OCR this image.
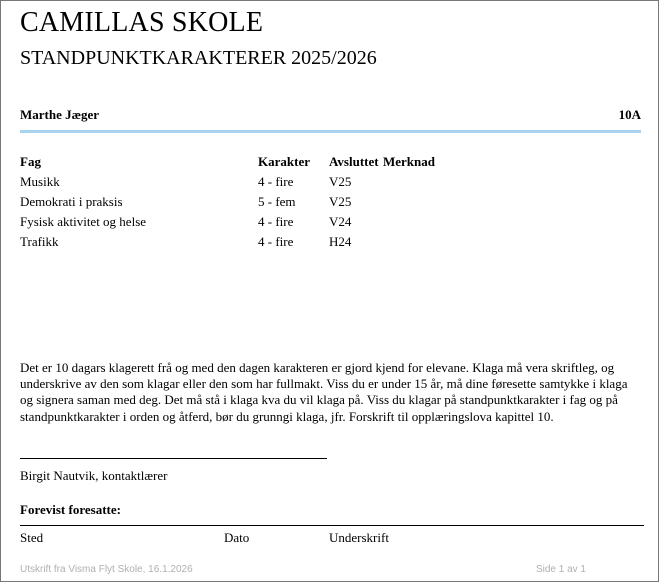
CAMILLAS SKOLE
STANDPUNKTKARAKTERER 2025/2026
Marthe Jæger	10A
Fag	Karakter Avsluttet Merknad
Musikk	4 - fire	V25
Demokrati i praksis	5 - fem	V25
Fysisk aktivitet og helse	4 - fire	V24
Trafikk	4 - fire	H24
Det er 10 dagars klagerett frå og med den dagen karakteren er gjord kjend for elevane. Klaga må vera skriftleg, og underskrive av den som klagar eller den som har fullmakt. Viss du er under 15 år, må dine føresette samtykke i klaga og signera saman med deg. Det må stå i klaga kva du vil klaga på. Viss du klagar på standpunktkarakter i fag og på standpunktkarakter i orden og åtferd, bør du grunngi klaga, jfr. Forskrift til opplæringslova kapittel 10.
Birgit Nautvik, kontaktlærer
Forevist foresatte:
Sted	Dato	Underskrift
Utskrift fra Visma Flyt Skole, 16.1.2026	Side 1 av 1
